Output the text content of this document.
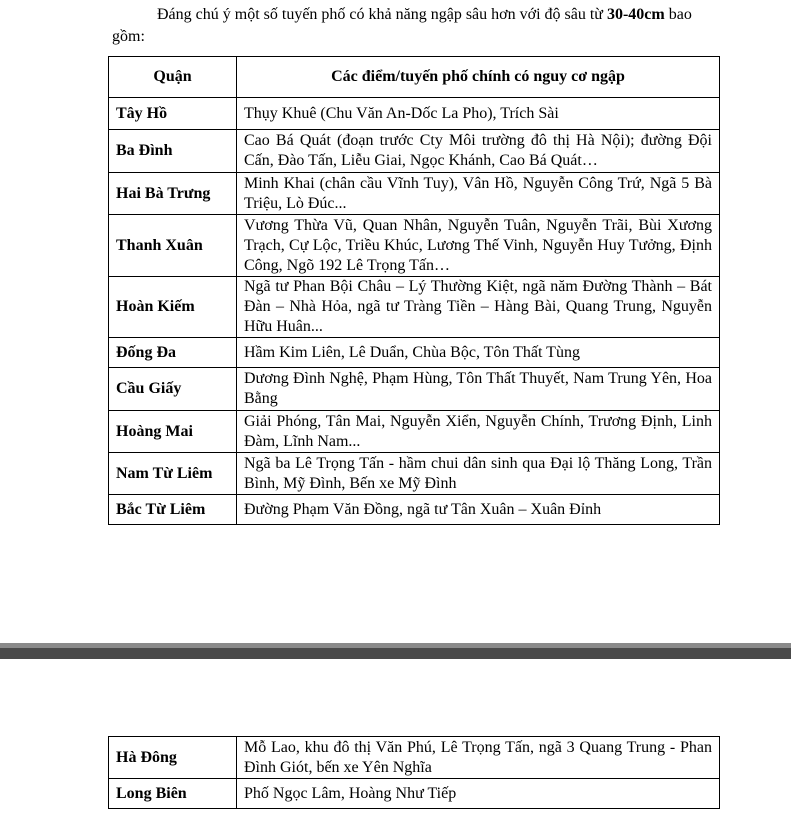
Đáng chú ý một số tuyến phố có khả năng ngập sâu hơn với độ sâu từ 30-40cm bao gồm:

Quận	Các điểm/tuyến phố chính có nguy cơ ngập
Tây Hồ	Thụy Khuê (Chu Văn An-Dốc La Pho), Trích Sài
Ba Đình	Cao Bá Quát (đoạn trước Cty Môi trường đô thị Hà Nội); đường Đội Cấn, Đào Tấn, Liễu Giai, Ngọc Khánh, Cao Bá Quát…
Hai Bà Trưng	Minh Khai (chân cầu Vĩnh Tuy), Vân Hồ, Nguyễn Công Trứ, Ngã 5 Bà Triệu, Lò Đúc...
Thanh Xuân	Vương Thừa Vũ, Quan Nhân, Nguyễn Tuân, Nguyễn Trãi, Bùi Xương Trạch, Cự Lộc, Triều Khúc, Lương Thế Vinh, Nguyễn Huy Tưởng, Định Công, Ngõ 192 Lê Trọng Tấn…
Hoàn Kiếm	Ngã tư Phan Bội Châu – Lý Thường Kiệt, ngã năm Đường Thành – Bát Đàn – Nhà Hỏa, ngã tư Tràng Tiền – Hàng Bài, Quang Trung, Nguyễn Hữu Huân...
Đống Đa	Hầm Kim Liên, Lê Duẩn, Chùa Bộc, Tôn Thất Tùng
Cầu Giấy	Dương Đình Nghệ, Phạm Hùng, Tôn Thất Thuyết, Nam Trung Yên, Hoa Bằng
Hoàng Mai	Giải Phóng, Tân Mai, Nguyễn Xiển, Nguyễn Chính, Trương Định, Linh Đàm, Lĩnh Nam...
Nam Từ Liêm	Ngã ba Lê Trọng Tấn - hầm chui dân sinh qua Đại lộ Thăng Long, Trần Bình, Mỹ Đình, Bến xe Mỹ Đình
Bắc Từ Liêm	Đường Phạm Văn Đồng, ngã tư Tân Xuân – Xuân Đỉnh
Hà Đông	Mỗ Lao, khu đô thị Văn Phú, Lê Trọng Tấn, ngã 3 Quang Trung - Phan Đình Giót, bến xe Yên Nghĩa
Long Biên	Phố Ngọc Lâm, Hoàng Như Tiếp
